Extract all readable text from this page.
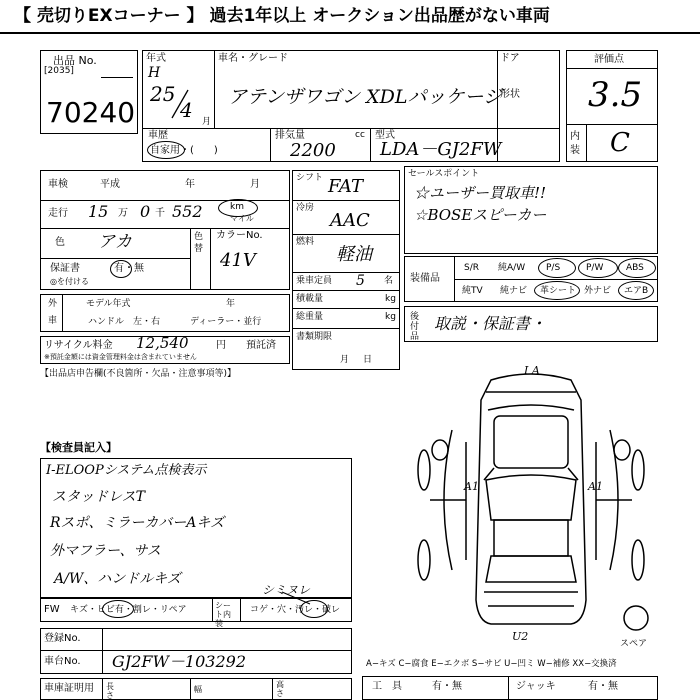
【 売切りEXコーナー 】 過去1年以上 オークション出品歴がない車両
出品 No.
[2035]
70240
年式
H
25
4 月
車名・グレード
アテンザワゴン XDLパッケージ
ドア
形状
車歴
自家用・(　　)
排気量	cc
2200
型式
LDA－GJ2FW
評価点
3.5
内装 C
車検	平成	年	月
走行 15 万 0 千 552	km
マイル
色 アカ	色替
カラーNo.
41V
保証書	有・無
◎を付ける
外
車
モデル年式	年
ハンドル　左・右	ディーラー・並行
リサイクル料金 12,540	円 預託済
※預託金額には資金管理料金は含まれていません
【出品店申告欄(不良箇所・欠品・注意事項等)】
シフト FAT
冷房
AAC
燃料
軽油
乗車定員 5 名
積載量	kg
総重量	kg
書類期限
月日
セールスポイント
☆ユーザー買取車!!
☆BOSEスピーカー
装備品
S/R 純A/W P/S	P/W	ABS
純TV 純ナビ 革シート 外ナビ エアB
後付品
取説・保証書・
【検査員記入】
I-ELOOPシステム点検表示
スタッドレスT
Rスポ、ミラーカバーAキズ
外マフラー、サス
A/W、ハンドルキズ
FW キズ・ヒビ有・割レ・リペア	シート内装
コゲ・穴・汚レ・破レ
シミヌレ
登録No.
車台No. GJ2FW－103292
車庫証明用 長さ
幅
高さ
I A
A1	A1
U2
スペア
A−キズ C−腐食 E−エクボ S−サビ U−凹ミ W−補修 XX−交換済
工　具	有・無	ジャッキ	有・無
